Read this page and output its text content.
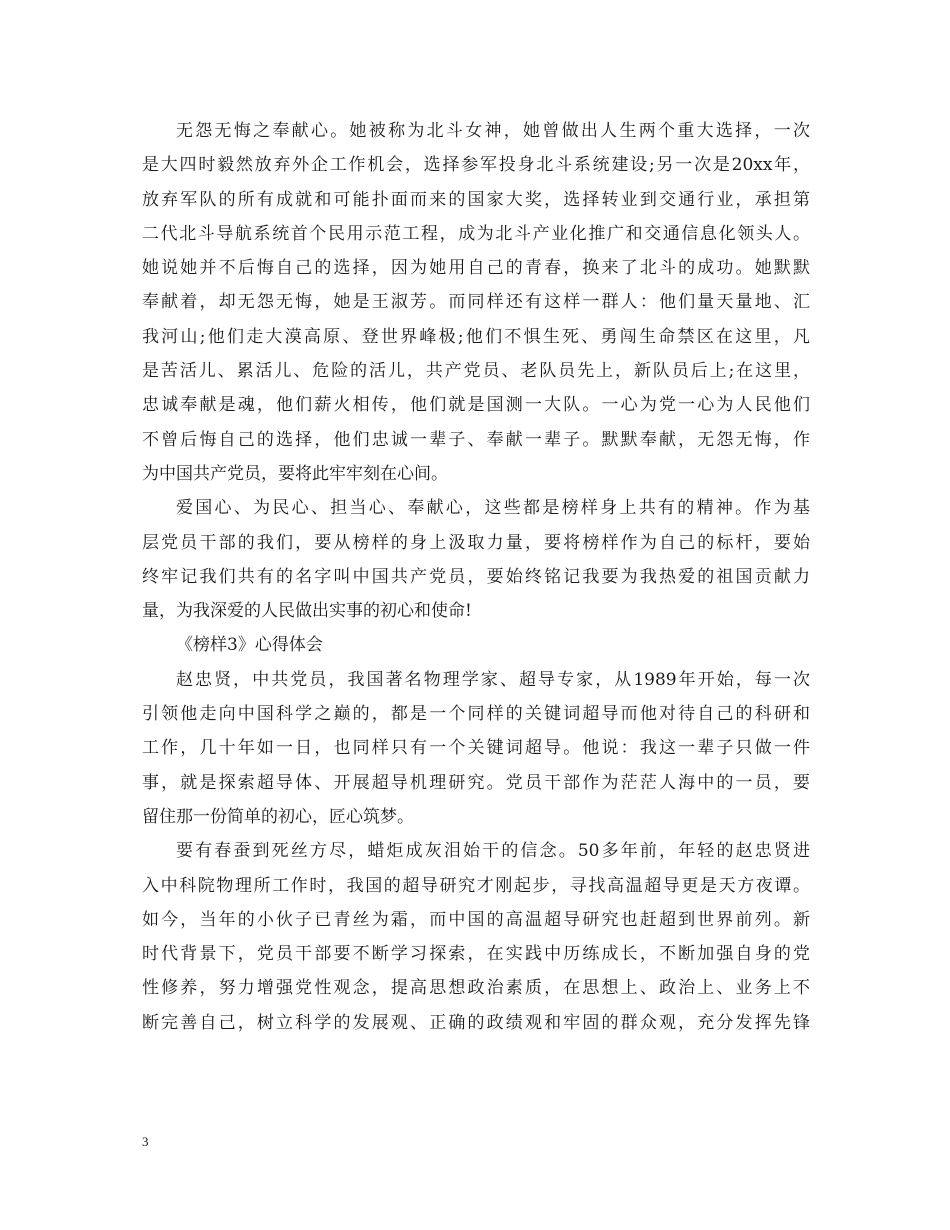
无怨无悔之奉献心。她被称为北斗女神，她曾做出人生两个重大选择，一次
是大四时毅然放弃外企工作机会，选择参军投身北斗系统建设;另一次是20xx年，
放弃军队的所有成就和可能扑面而来的国家大奖，选择转业到交通行业，承担第
二代北斗导航系统首个民用示范工程，成为北斗产业化推广和交通信息化领头人。
她说她并不后悔自己的选择，因为她用自己的青春，换来了北斗的成功。她默默
奉献着，却无怨无悔，她是王淑芳。而同样还有这样一群人：他们量天量地、汇
我河山;他们走大漠高原、登世界峰极;他们不惧生死、勇闯生命禁区在这里，凡
是苦活儿、累活儿、危险的活儿，共产党员、老队员先上，新队员后上;在这里，
忠诚奉献是魂，他们薪火相传，他们就是国测一大队。一心为党一心为人民他们
不曾后悔自己的选择，他们忠诚一辈子、奉献一辈子。默默奉献，无怨无悔，作
为中国共产党员，要将此牢牢刻在心间。
爱国心、为民心、担当心、奉献心，这些都是榜样身上共有的精神。作为基
层党员干部的我们，要从榜样的身上汲取力量，要将榜样作为自己的标杆，要始
终牢记我们共有的名字叫中国共产党员，要始终铭记我要为我热爱的祖国贡献力
量，为我深爱的人民做出实事的初心和使命!
《榜样3》心得体会
赵忠贤，中共党员，我国著名物理学家、超导专家，从1989年开始，每一次
引领他走向中国科学之巅的，都是一个同样的关键词超导而他对待自己的科研和
工作，几十年如一日，也同样只有一个关键词超导。他说：我这一辈子只做一件
事，就是探索超导体、开展超导机理研究。党员干部作为茫茫人海中的一员，要
留住那一份简单的初心，匠心筑梦。
要有春蚕到死丝方尽，蜡炬成灰泪始干的信念。50多年前，年轻的赵忠贤进
入中科院物理所工作时，我国的超导研究才刚起步，寻找高温超导更是天方夜谭。
如今，当年的小伙子已青丝为霜，而中国的高温超导研究也赶超到世界前列。新
时代背景下，党员干部要不断学习探索，在实践中历练成长，不断加强自身的党
性修养，努力增强党性观念，提高思想政治素质，在思想上、政治上、业务上不
断完善自己，树立科学的发展观、正确的政绩观和牢固的群众观，充分发挥先锋
3
